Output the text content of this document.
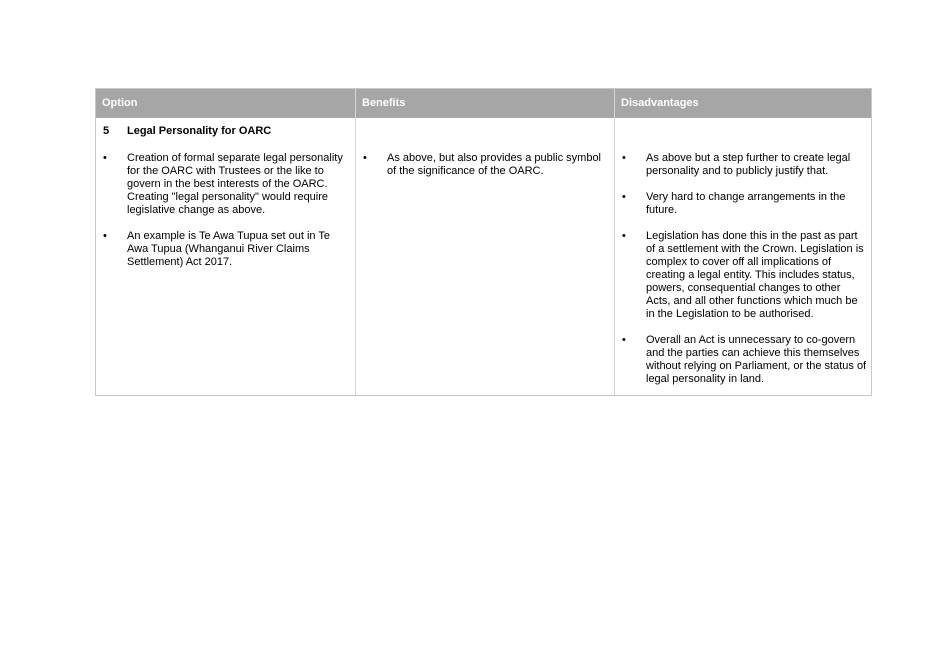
Option	Benefits	Disadvantages
5 Legal Personality for OARC
• Creation of formal separate legal personality for the OARC with Trustees or the like to govern in the best interests of the OARC. Creating "legal personality" would require legislative change as above.
• An example is Te Awa Tupua set out in Te Awa Tupua (Whanganui River Claims Settlement) Act 2017.
• As above, but also provides a public symbol of the significance of the OARC.
• As above but a step further to create legal personality and to publicly justify that.
• Very hard to change arrangements in the future.
• Legislation has done this in the past as part of a settlement with the Crown. Legislation is complex to cover off all implications of creating a legal entity. This includes status, powers, consequential changes to other Acts, and all other functions which much be in the Legislation to be authorised.
• Overall an Act is unnecessary to co-govern and the parties can achieve this themselves without relying on Parliament, or the status of legal personality in land.
